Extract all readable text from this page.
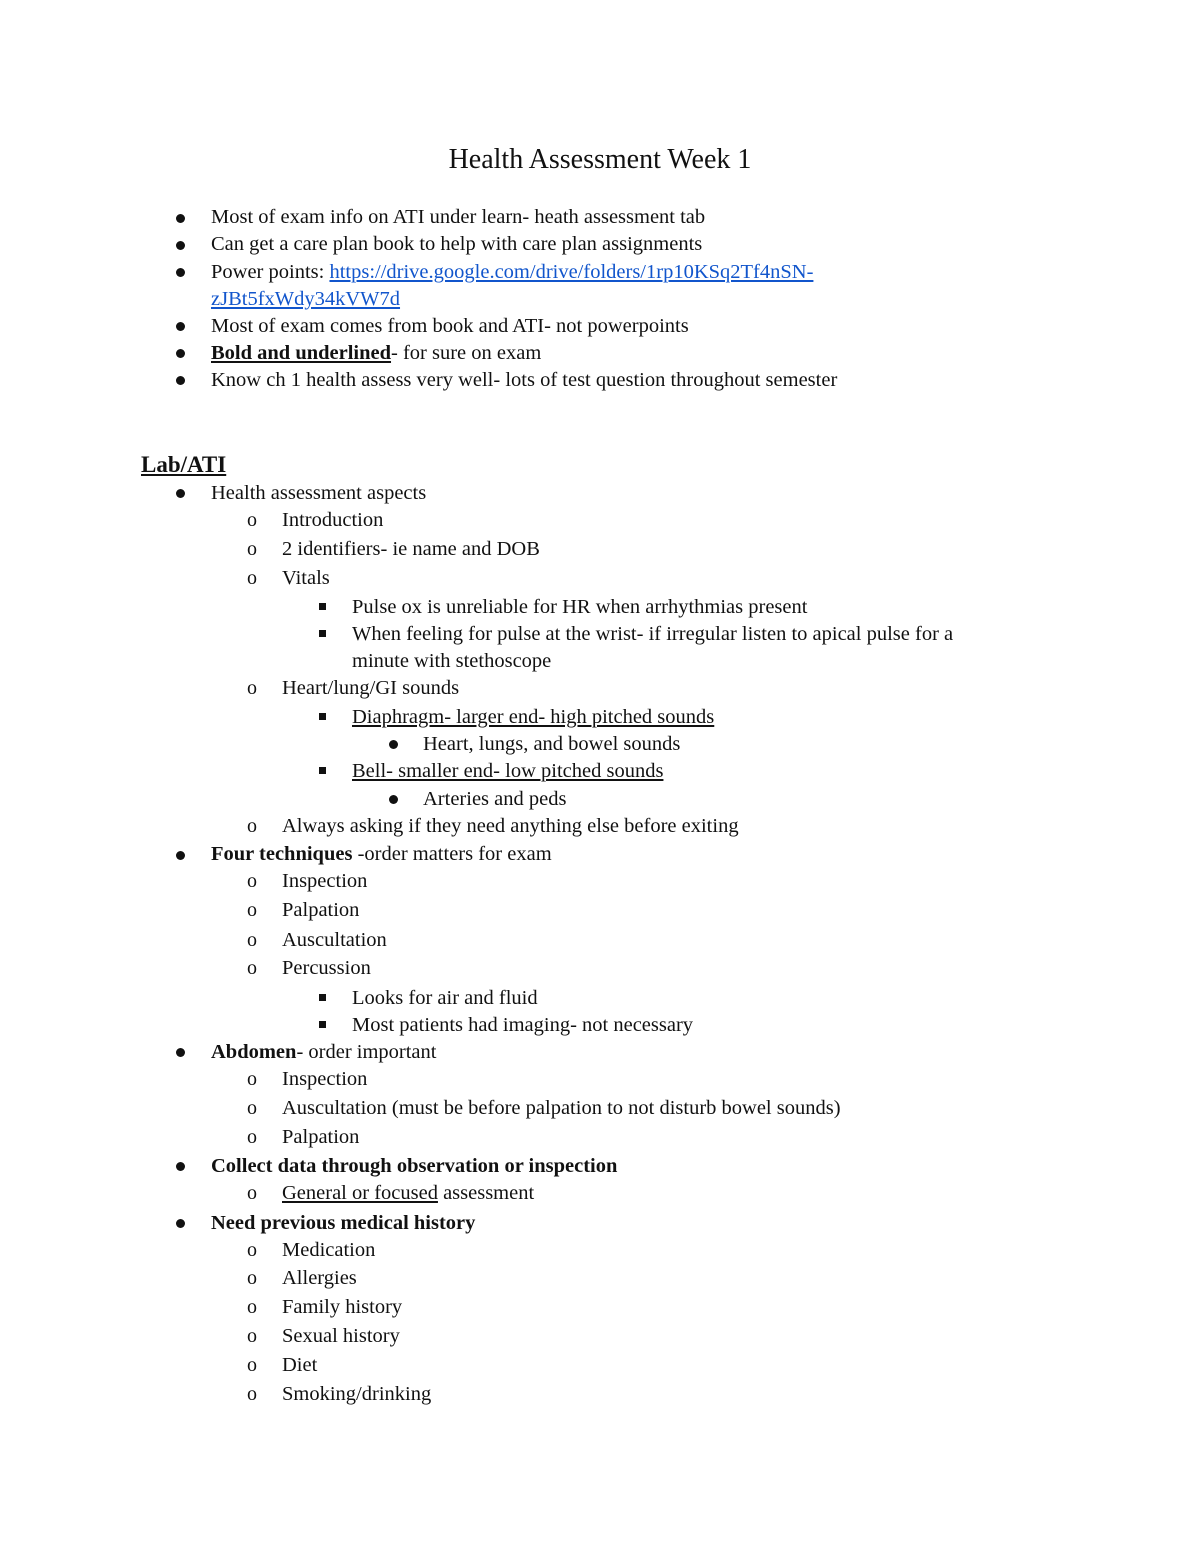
Health Assessment Week 1
Most of exam info on ATI under learn- heath assessment tab
Can get a care plan book to help with care plan assignments
Power points: https://drive.google.com/drive/folders/1rp10KSq2Tf4nSN-
zJBt5fxWdy34kVW7d
Most of exam comes from book and ATI- not powerpoints
Bold and underlined- for sure on exam
Know ch 1 health assess very well- lots of test question throughout semester
Lab/ATI
Health assessment aspects
o Introduction
o 2 identifiers- ie name and DOB
o Vitals
Pulse ox is unreliable for HR when arrhythmias present
When feeling for pulse at the wrist- if irregular listen to apical pulse for a
minute with stethoscope
o Heart/lung/GI sounds
Diaphragm- larger end- high pitched sounds
Heart, lungs, and bowel sounds
Bell- smaller end- low pitched sounds
Arteries and peds
o Always asking if they need anything else before exiting
Four techniques -order matters for exam
o Inspection
o Palpation
o Auscultation
o Percussion
Looks for air and fluid
Most patients had imaging- not necessary
Abdomen- order important
o Inspection
o Auscultation (must be before palpation to not disturb bowel sounds)
o Palpation
Collect data through observation or inspection
o General or focused assessment
Need previous medical history
o Medication
o Allergies
o Family history
o Sexual history
o Diet
o Smoking/drinking
